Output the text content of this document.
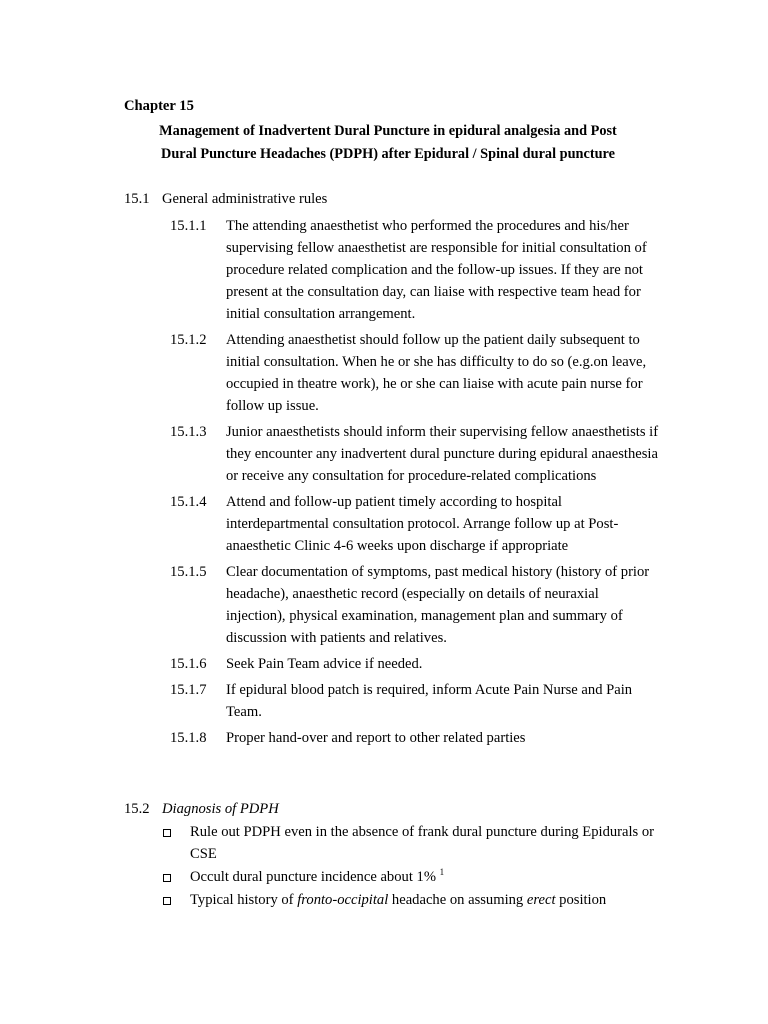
Chapter 15

Management of Inadvertent Dural Puncture in epidural analgesia and Post
Dural Puncture Headaches (PDPH) after Epidural / Spinal dural puncture

15.1 General administrative rules

15.1.1 The attending anaesthetist who performed the procedures and his/her supervising fellow anaesthetist are responsible for initial consultation of procedure related complication and the follow-up issues. If they are not present at the consultation day, can liaise with respective team head for initial consultation arrangement.
15.1.2 Attending anaesthetist should follow up the patient daily subsequent to initial consultation. When he or she has difficulty to do so (e.g.on leave, occupied in theatre work), he or she can liaise with acute pain nurse for follow up issue.
15.1.3 Junior anaesthetists should inform their supervising fellow anaesthetists if they encounter any inadvertent dural puncture during epidural anaesthesia or receive any consultation for procedure-related complications
15.1.4 Attend and follow-up patient timely according to hospital interdepartmental consultation protocol. Arrange follow up at Post-anaesthetic Clinic 4-6 weeks upon discharge if appropriate
15.1.5 Clear documentation of symptoms, past medical history (history of prior headache), anaesthetic record (especially on details of neuraxial injection), physical examination, management plan and summary of discussion with patients and relatives.
15.1.6 Seek Pain Team advice if needed.
15.1.7 If epidural blood patch is required, inform Acute Pain Nurse and Pain Team.
15.1.8 Proper hand-over and report to other related parties

15.2 Diagnosis of PDPH

Rule out PDPH even in the absence of frank dural puncture during Epidurals or CSE
Occult dural puncture incidence about 1% $^1$
Typical history of fronto-occipital headache on assuming erect position
